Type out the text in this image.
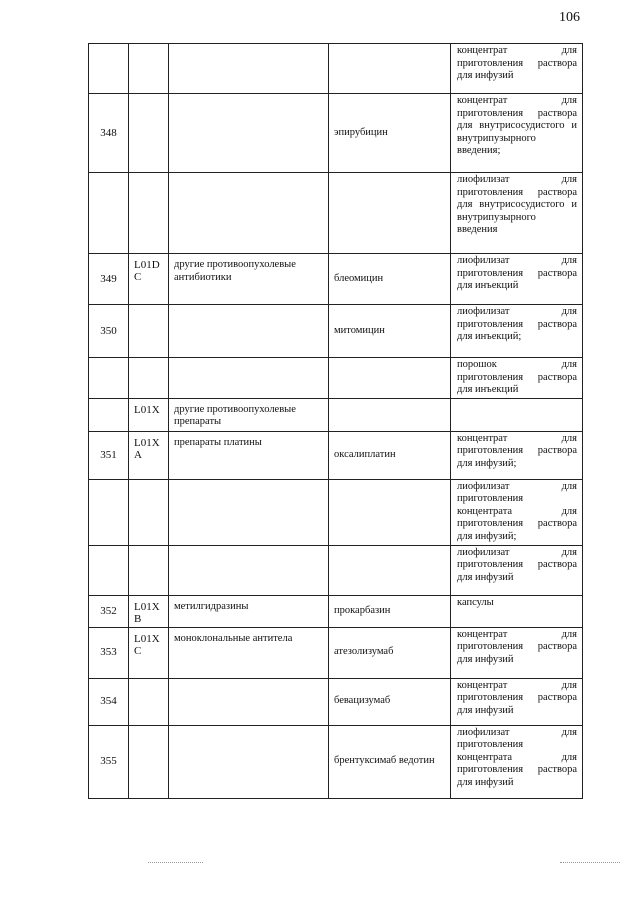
106
				концентрат для приготовления раствора для инфузий
348			эпирубицин	концентрат для приготовления раствора для внутрисосудистого и внутрипузырного введения;
				лиофилизат для приготовления раствора для внутрисосудистого и внутрипузырного введения
349	L01D C	другие противоопухолевые антибиотики	блеомицин	лиофилизат для приготовления раствора для инъекций
350			митомицин	лиофилизат для приготовления раствора для инъекций;
				порошок для приготовления раствора для инъекций
	L01X	другие противоопухолевые препараты		
351	L01X A	препараты платины	оксалиплатин	концентрат для приготовления раствора для инфузий;
				лиофилизат для приготовления концентрата для приготовления раствора для инфузий;
				лиофилизат для приготовления раствора для инфузий
352	L01X B	метилгидразины	прокарбазин	капсулы
353	L01X C	моноклональные антитела	атезолизумаб	концентрат для приготовления раствора для инфузий
354			бевацизумаб	концентрат для приготовления раствора для инфузий
355			брентуксимаб ведотин	лиофилизат для приготовления концентрата для приготовления раствора для инфузий
